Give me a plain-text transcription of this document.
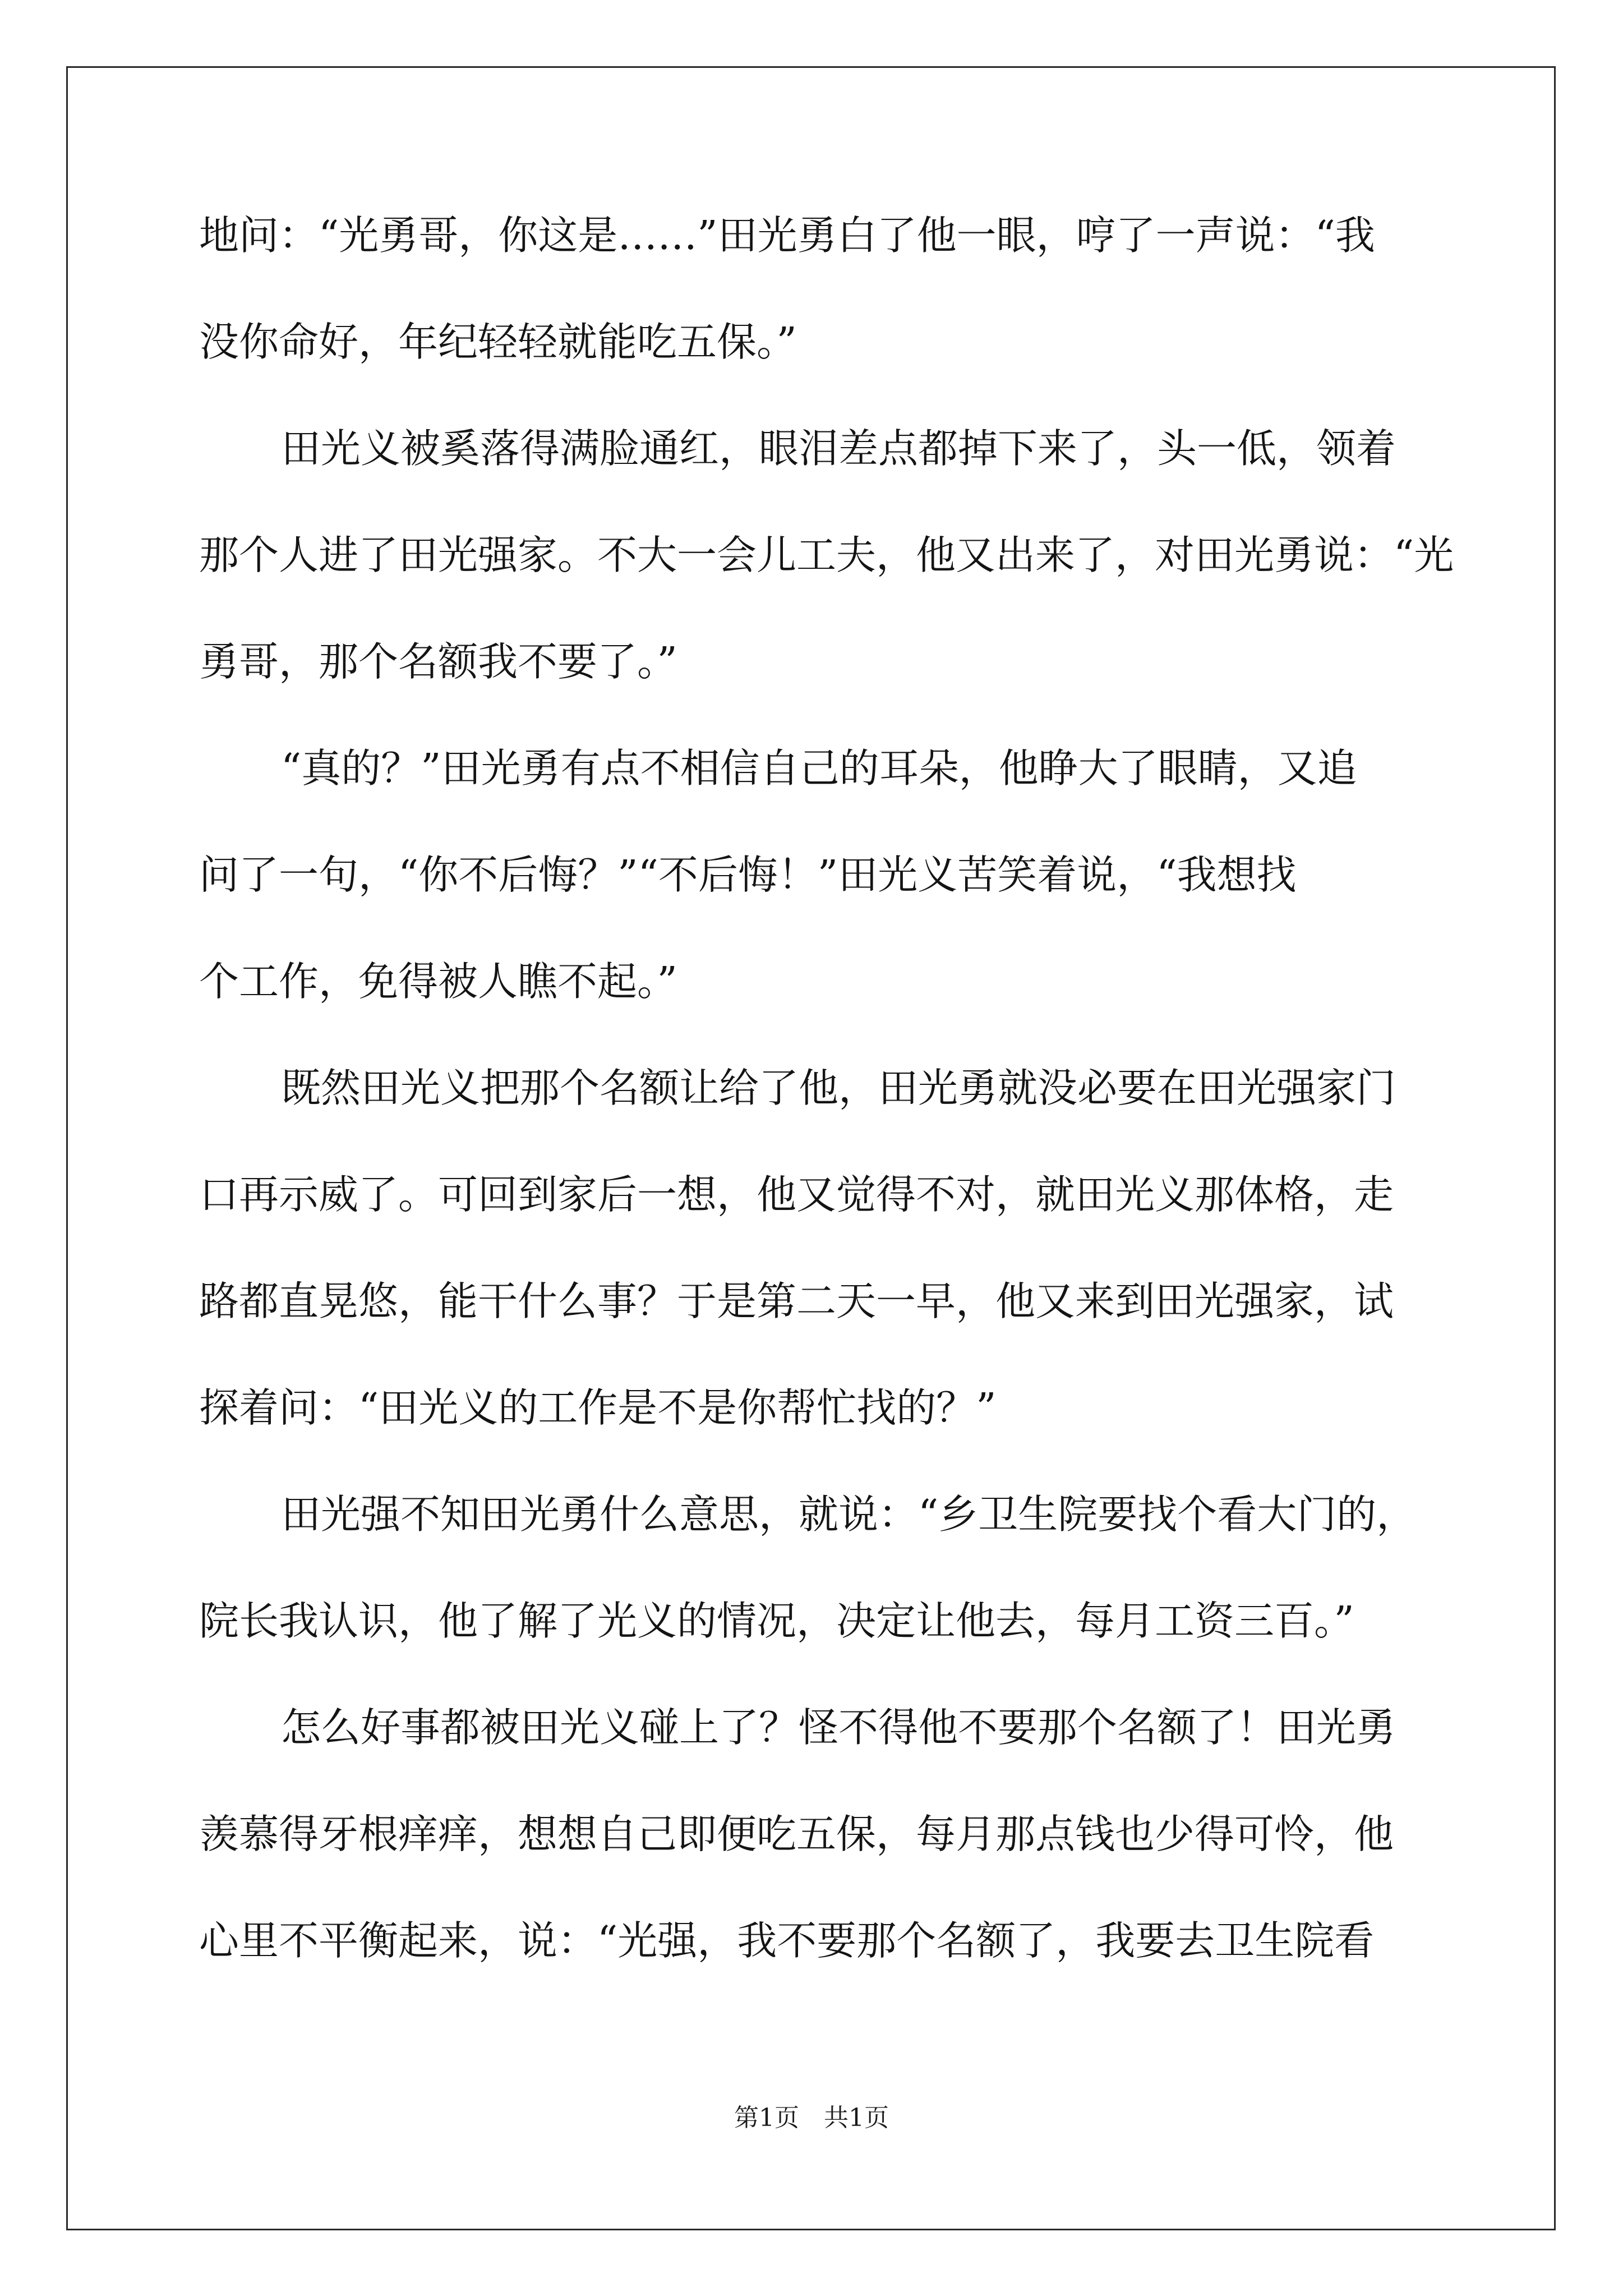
地问：“光勇哥，你这是……”田光勇白了他一眼，哼了一声说：“我
没你命好，年纪轻轻就能吃五保。”
田光义被奚落得满脸通红，眼泪差点都掉下来了，头一低，领着
那个人进了田光强家。不大一会儿工夫，他又出来了，对田光勇说：“光
勇哥，那个名额我不要了。”
“真的？”田光勇有点不相信自己的耳朵，他睁大了眼睛，又追
问了一句，“你不后悔？”“不后悔！”田光义苦笑着说，“我想找
个工作，免得被人瞧不起。”
既然田光义把那个名额让给了他，田光勇就没必要在田光强家门
口再示威了。可回到家后一想，他又觉得不对，就田光义那体格，走
路都直晃悠，能干什么事？于是第二天一早，他又来到田光强家，试
探着问：“田光义的工作是不是你帮忙找的？”
田光强不知田光勇什么意思，就说：“乡卫生院要找个看大门的，
院长我认识，他了解了光义的情况，决定让他去，每月工资三百。”
怎么好事都被田光义碰上了？怪不得他不要那个名额了！田光勇
羡慕得牙根痒痒，想想自己即便吃五保，每月那点钱也少得可怜，他
心里不平衡起来，说：“光强，我不要那个名额了，我要去卫生院看
第1页　共1页
